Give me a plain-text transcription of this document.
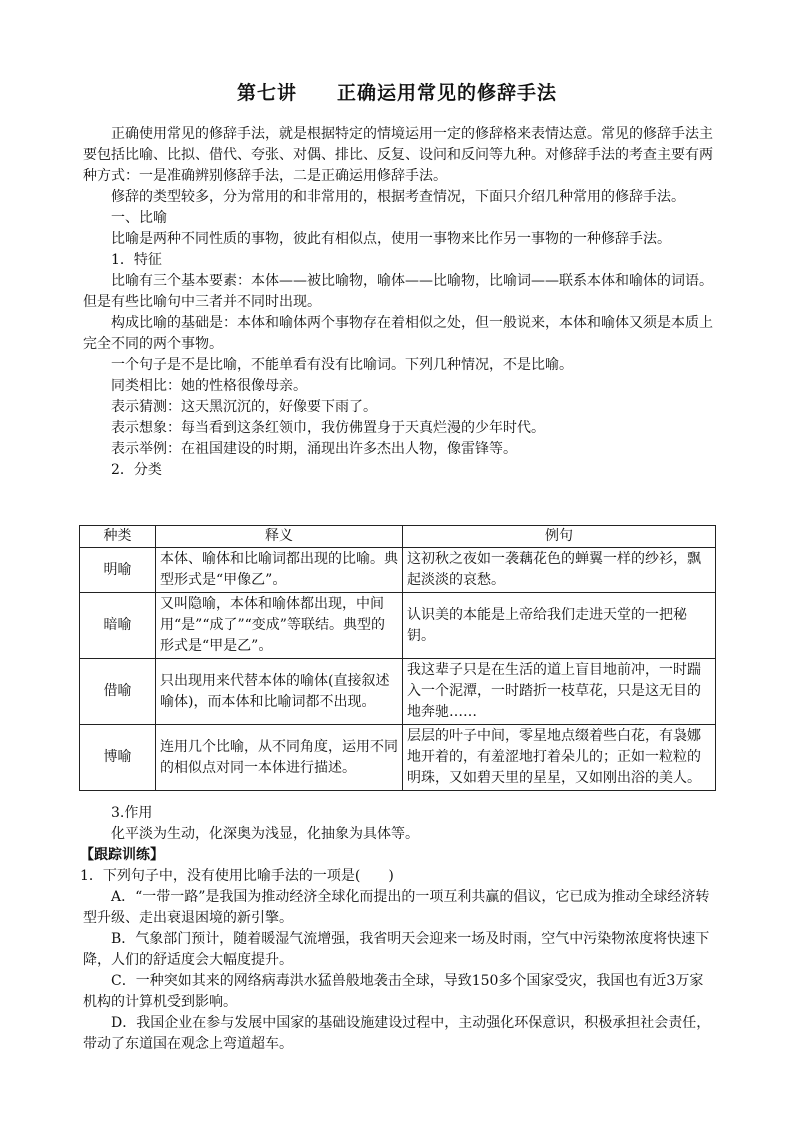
第七讲　　正确运用常见的修辞手法

正确使用常见的修辞手法，就是根据特定的情境运用一定的修辞格来表情达意。常见的修辞手法主要包括比喻、比拟、借代、夸张、对偶、排比、反复、设问和反问等九种。对修辞手法的考查主要有两种方式：一是准确辨别修辞手法，二是正确运用修辞手法。

修辞的类型较多，分为常用的和非常用的，根据考查情况，下面只介绍几种常用的修辞手法。

一、比喻

比喻是两种不同性质的事物，彼此有相似点，使用一事物来比作另一事物的一种修辞手法。

1．特征

比喻有三个基本要素：本体——被比喻物，喻体——比喻物，比喻词——联系本体和喻体的词语。但是有些比喻句中三者并不同时出现。

构成比喻的基础是：本体和喻体两个事物存在着相似之处，但一般说来，本体和喻体又须是本质上完全不同的两个事物。

一个句子是不是比喻，不能单看有没有比喻词。下列几种情况，不是比喻。

同类相比：她的性格很像母亲。

表示猜测：这天黑沉沉的，好像要下雨了。

表示想象：每当看到这条红领巾，我仿佛置身于天真烂漫的少年时代。

表示举例：在祖国建设的时期，涌现出许多杰出人物，像雷锋等。

2．分类

种类	释义	例句
明喻	本体、喻体和比喻词都出现的比喻。典型形式是“甲像乙”。	这初秋之夜如一袭藕花色的蝉翼一样的纱衫，飘起淡淡的哀愁。
暗喻	又叫隐喻，本体和喻体都出现，中间用“是”“成了”“变成”等联结。典型的形式是“甲是乙”。	认识美的本能是上帝给我们走进天堂的一把秘钥。
借喻	只出现用来代替本体的喻体(直接叙述喻体)，而本体和比喻词都不出现。	我这辈子只是在生活的道上盲目地前冲，一时踹入一个泥潭，一时踏折一枝草花，只是这无目的地奔驰……
博喻	连用几个比喻，从不同角度，运用不同的相似点对同一本体进行描述。	层层的叶子中间，零星地点缀着些白花，有袅娜地开着的，有羞涩地打着朵儿的；正如一粒粒的明珠，又如碧天里的星星，又如刚出浴的美人。

3.作用

化平淡为生动，化深奥为浅显，化抽象为具体等。

【跟踪训练】

1．下列句子中，没有使用比喻手法的一项是(　　)

A．“一带一路”是我国为推动经济全球化而提出的一项互利共赢的倡议，它已成为推动全球经济转型升级、走出衰退困境的新引擎。

B．气象部门预计，随着暖湿气流增强，我省明天会迎来一场及时雨，空气中污染物浓度将快速下降，人们的舒适度会大幅度提升。

C．一种突如其来的网络病毒洪水猛兽般地袭击全球，导致150多个国家受灾，我国也有近3万家机构的计算机受到影响。

D．我国企业在参与发展中国家的基础设施建设过程中，主动强化环保意识，积极承担社会责任，带动了东道国在观念上弯道超车。
